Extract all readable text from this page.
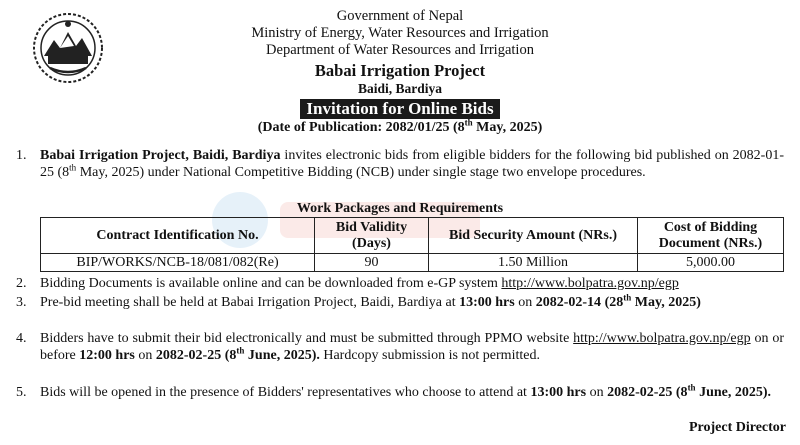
Government of Nepal
Ministry of Energy, Water Resources and Irrigation
Department of Water Resources and Irrigation
Babai Irrigation Project
Baidi, Bardiya
Invitation for Online Bids
(Date of Publication: 2082/01/25 (8th May, 2025)
1. Babai Irrigation Project, Baidi, Bardiya invites electronic bids from eligible bidders for the following bid published on 2082-01-25 (8th May, 2025) under National Competitive Bidding (NCB) under single stage two envelope procedures.
Work Packages and Requirements
Contract Identification No.	Bid Validity (Days)	Bid Security Amount (NRs.)	Cost of Bidding Document (NRs.)
BIP/WORKS/NCB-18/081/082(Re)	90	1.50 Million	5,000.00
2. Bidding Documents is available online and can be downloaded from e-GP system http://www.bolpatra.gov.np/egp
3. Pre-bid meeting shall be held at Babai Irrigation Project, Baidi, Bardiya at 13:00 hrs on 2082-02-14 (28th May, 2025)
4. Bidders have to submit their bid electronically and must be submitted through PPMO website http://www.bolpatra.gov.np/egp on or before 12:00 hrs on 2082-02-25 (8th June, 2025). Hardcopy submission is not permitted.
5. Bids will be opened in the presence of Bidders' representatives who choose to attend at 13:00 hrs on 2082-02-25 (8th June, 2025).
Project Director
